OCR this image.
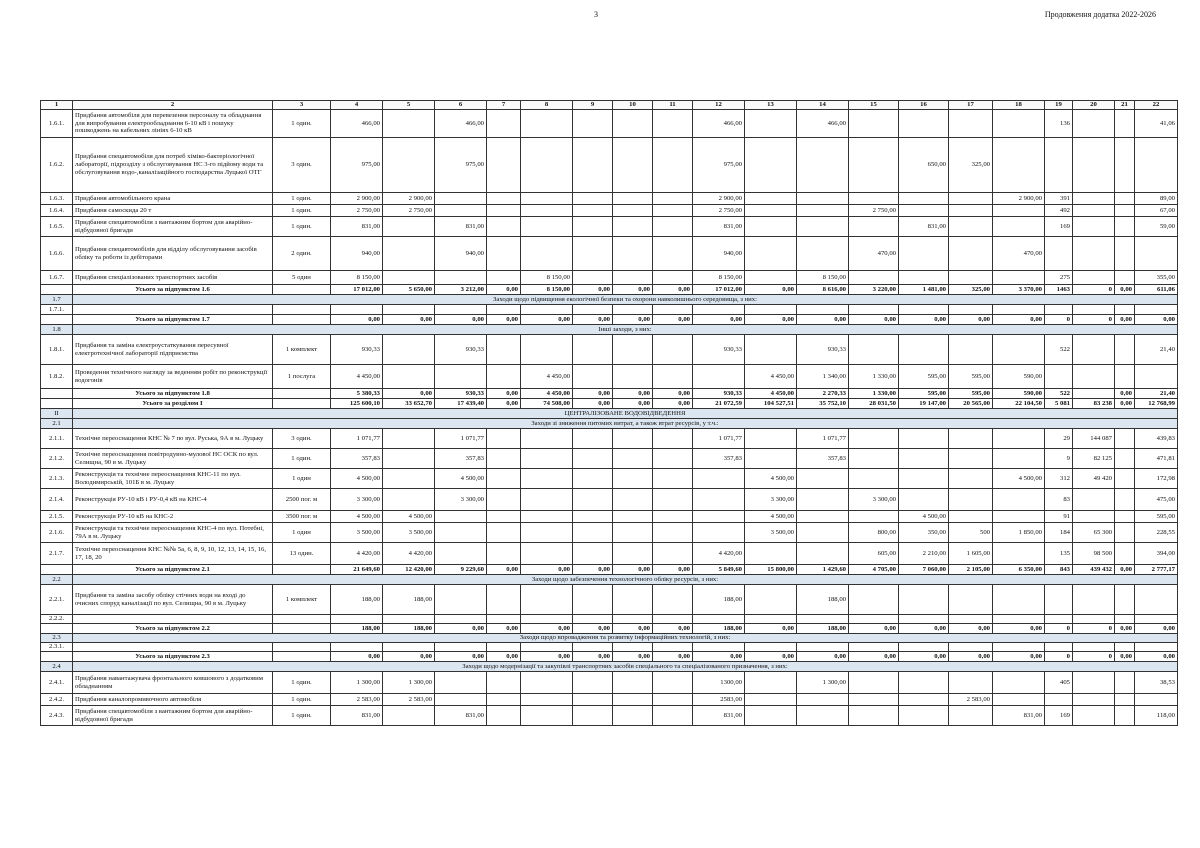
3	Продовження додатка 2022-2026
1	2	3	4	5	6	7	8	9	10	11	12	13	14	15	16	17	18	19	20	21	22
1.6.1.	Придбання автомобіля для перевезення персоналу та обладнання для випробування електрообладнання 6-10 кВ і пошуку пошкоджень на кабельних лініях 6-10 кВ	1 один.	466,00		466,00						466,00		466,00					136			41,06
1.6.2.	Придбання спецавтомобіля для потреб хіміко-бактеріологічної лабораторії, підрозділу з обслуговування НС 3-го підйому води та обслуговування водо-,каналізаційного господарства Луцької ОТГ	3 один.	975,00		975,00						975,00				650,00	325,00					
1.6.3.	Придбання автомобільного крана	1 один.	2 900,00	2 900,00							2 900,00						2 900,00	391			89,00
1.6.4.	Придбання самоскида 20 т	1 один.	2 750,00	2 750,00							2 750,00			2 750,00				492			67,00
1.6.5.	Придбання спецавтомобіля з вантажним бортом для аварійно-відбудовної бригади	1 один.	831,00		831,00						831,00				831,00			169			59,00
1.6.6.	Придбання спецавтомобілів для відділу обслуговування засобів обліку та роботи із дебіторами	2 один.	940,00		940,00						940,00			470,00			470,00				
1.6.7.	Придбання спеціалізованих транспортних засобів	5 один	8 150,00				8 150,00				8 150,00		8 150,00					275			355,00
	Усього за підпунктом 1.6		17 012,00	5 650,00	3 212,00	0,00	8 150,00	0,00	0,00	0,00	17 012,00	0,00	8 616,00	3 220,00	1 481,00	325,00	3 370,00	1463	0	0,00	611,06
1.7	Заходи щодо підвищення екологічної безпеки та охорони навколишнього середовища, з них:																				
1.7.1.																					
	Усього за підпунктом 1.7		0,00	0,00	0,00	0,00	0,00	0,00	0,00	0,00	0,00	0,00	0,00	0,00	0,00	0,00	0,00	0	0	0,00	0,00
1.8	Інші заходи, з них:																				
1.8.1.	Придбання та заміна електроустаткування пересувної електротехнічної лабораторії підприємства	1 комплект	930,33		930,33						930,33		930,33					522			21,40
1.8.2.	Проведення технічного нагляду за веденням робіт по реконструкції водогонів	1 послуга	4 450,00				4 450,00					4 450,00	1 340,00	1 330,00	595,00	595,00	590,00				
	Усього за підпунктом 1.8		5 380,33	0,00	930,33	0,00	4 450,00	0,00	0,00	0,00	930,33	4 450,00	2 270,33	1 330,00	595,00	595,00	590,00	522		0,00	21,40
	Усього за розділом I		125 600,10	33 652,70	17 439,40	0,00	74 508,00	0,00	0,00	0,00	21 072,59	104 527,51	35 752,10	28 031,50	19 147,00	20 565,00	22 104,50	5 081	83 238	0,00	12 768,99
II	ЦЕНТРАЛІЗОВАНЕ ВОДОВІДВЕДЕННЯ																				
2.1	Заходи зі зниження питомих витрат, а також втрат ресурсів, у т.ч.:																				
2.1.1.	Технічне переоснащення КНС № 7 по вул. Руська, 9А в м. Луцьку	3 один.	1 071,77		1 071,77						1 071,77		1 071,77					29	144 087		439,83
2.1.2.	Технічне переоснащення повітродувно-мулової НС ОСК по вул. Селищна, 90 в м. Луцьку	1 один.	357,83		357,83						357,83		357,83					9	82 125		471,81
2.1.3.	Реконструкція та технічне переоснащення КНС-11 по вул. Володимирській, 101Б в м. Луцьку	1 один	4 500,00		4 500,00							4 500,00					4 500,00	312	49 420		172,98
2.1.4.	Реконструкція РУ-10 кВ і РУ-0,4 кВ на КНС-4	2500 пог. м	3 300,00		3 300,00							3 300,00		3 300,00				83			475,00
2.1.5.	Реконструкція РУ-10 кВ на КНС-2	3500 пог. м	4 500,00	4 500,00								4 500,00			4 500,00			91			595,00
2.1.6.	Реконструкція та технічне переоснащення КНС-4 по вул. Потебні, 79А в м. Луцьку	1 один	3 500,00	3 500,00								3 500,00		800,00	350,00	500	1 850,00	184	65 300		228,55
2.1.7.	Технічне переоснащення КНС №№ 5а, 6, 8, 9, 10, 12, 13, 14, 15, 16, 17, 18, 20	13 один.	4 420,00	4 420,00							4 420,00			605,00	2 210,00	1 605,00		135	98 500		394,00
	Усього за підпунктом 2.1		21 649,60	12 420,00	9 229,60	0,00	0,00	0,00	0,00	0,00	5 849,60	15 800,00	1 429,60	4 705,00	7 060,00	2 105,00	6 350,00	843	439 432	0,00	2 777,17
2.2	Заходи щодо забезпечення технологічного обліку ресурсів, з них:																				
2.2.1.	Придбання та заміна засобу обліку стічних води на вході до очисних споруд каналізації по вул. Селищна, 90 в м. Луцьку	1 комплект	188,00	188,00							188,00		188,00								
2.2.2.																					
	Усього за підпунктом 2.2		188,00	188,00	0,00	0,00	0,00	0,00	0,00	0,00	188,00	0,00	188,00	0,00	0,00	0,00	0,00	0	0	0,00	0,00
2.3	Заходи щодо впровадження та розвитку інформаційних технологій, з них:																				
2.3.1.																					
	Усього за підпунктом 2.3		0,00	0,00	0,00	0,00	0,00	0,00	0,00	0,00	0,00	0,00	0,00	0,00	0,00	0,00	0,00	0	0	0,00	0,00
2.4	Заходи щодо модернізації та закупівлі транспортних засобів спеціального та спеціалізованого призначення, з них:																				
2.4.1.	Придбання навантажувача фронтального ковшового з додатковим обладнанням	1 один.	1 300,00	1 300,00							1300,00		1 300,00					405			38,53
2.4.2.	Придбання каналопромивочного автомобіля	1 один.	2 583,00	2 583,00							2583,00					2 583,00					
2.4.3.	Придбання спецавтомобіля з вантажним бортом для аварійно-відбудовної бригади	1 один.	831,00		831,00						831,00						831,00	169			118,00
